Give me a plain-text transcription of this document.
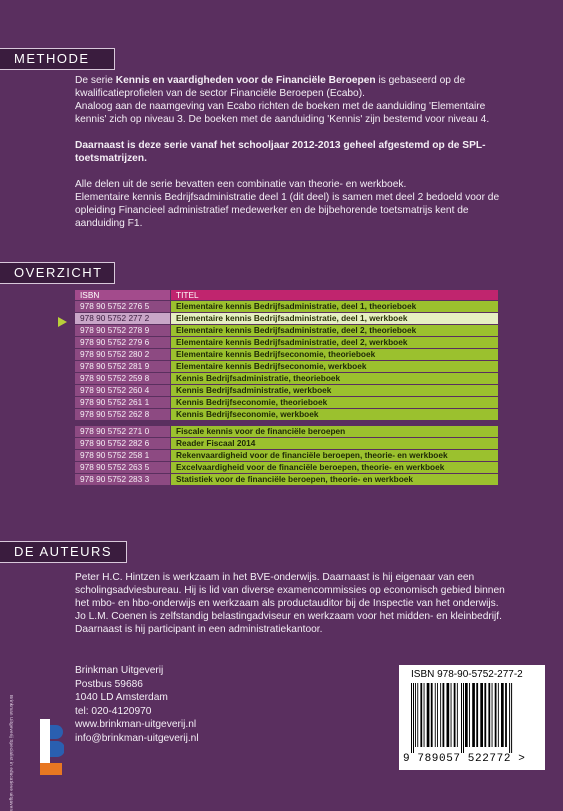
METHODE

De serie Kennis en vaardigheden voor de Financiële Beroepen is gebaseerd op de kwalificatieprofielen van de sector Financiële Beroepen (Ecabo).

Analoog aan de naamgeving van Ecabo richten de boeken met de aanduiding 'Elementaire kennis' zich op niveau 3. De boeken met de aanduiding 'Kennis' zijn bestemd voor niveau 4.

Daarnaast is deze serie vanaf het schooljaar 2012-2013 geheel afgestemd op de SPL-toetsmatrijzen.

Alle delen uit de serie bevatten een combinatie van theorie- en werkboek.

Elementaire kennis Bedrijfsadministratie deel 1 (dit deel) is samen met deel 2 bedoeld voor de opleiding Financieel administratief medewerker en de bijbehorende toetsmatrijs kent de aanduiding F1.

OVERZICHT
ISBN	TITEL
978 90 5752 276 5	Elementaire kennis Bedrijfsadministratie, deel 1, theorieboek
978 90 5752 277 2	Elementaire kennis Bedrijfsadministratie, deel 1, werkboek
978 90 5752 278 9	Elementaire kennis Bedrijfsadministratie, deel 2, theorieboek
978 90 5752 279 6	Elementaire kennis Bedrijfsadministratie, deel 2, werkboek
978 90 5752 280 2	Elementaire kennis Bedrijfseconomie, theorieboek
978 90 5752 281 9	Elementaire kennis Bedrijfseconomie, werkboek
978 90 5752 259 8	Kennis Bedrijfsadministratie, theorieboek
978 90 5752 260 4	Kennis Bedrijfsadministratie, werkboek
978 90 5752 261 1	Kennis Bedrijfseconomie, theorieboek
978 90 5752 262 8	Kennis Bedrijfseconomie, werkboek

978 90 5752 271 0	Fiscale kennis voor de financiële beroepen
978 90 5752 282 6	Reader Fiscaal 2014
978 90 5752 258 1	Rekenvaardigheid voor de financiële beroepen, theorie- en werkboek
978 90 5752 263 5	Excelvaardigheid voor de financiële beroepen, theorie- en werkboek
978 90 5752 283 3	Statistiek voor de financiële beroepen, theorie- en werkboek
DE AUTEURS

Peter H.C. Hintzen is werkzaam in het BVE-onderwijs. Daarnaast is hij eigenaar van een scholingsadviesbureau. Hij is lid van diverse examencommissies op economisch gebied binnen het mbo- en hbo-onderwijs en werkzaam als productauditor bij de Inspectie van het onderwijs.

Jo L.M. Coenen is zelfstandig belastingadviseur en werkzaam voor het midden- en kleinbedrijf. Daarnaast is hij participant in een administratiekantoor.

Brinkman Uitgeverij Specialist in educatieve uitgaven
Brinkman Uitgeverij
Postbus 59686
1040 LD Amsterdam
tel: 020-4120970
www.brinkman-uitgeverij.nl
info@brinkman-uitgeverij.nl
ISBN 978-90-5752-277-2
9 789057 522772 >
